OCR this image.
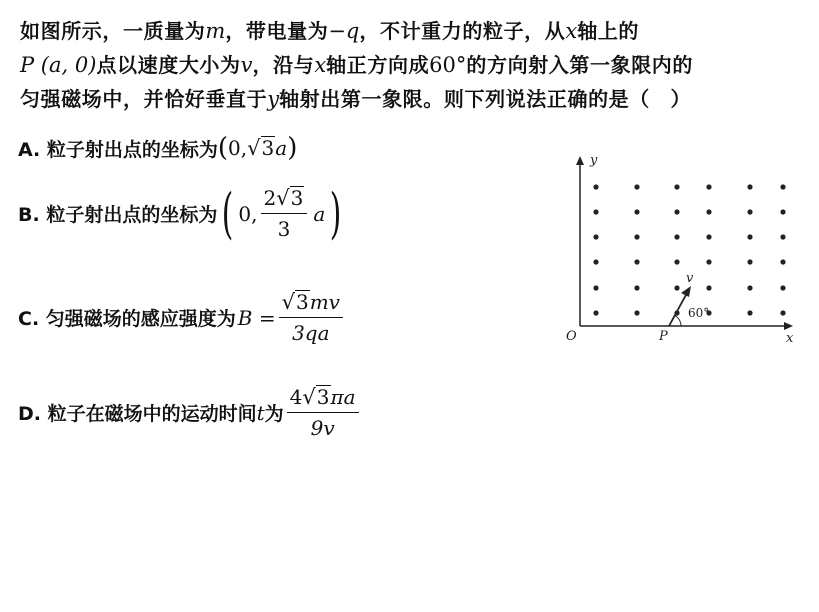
如图所示，一质量为m，带电量为−q，不计重力的粒子，从x轴上的
P (a, 0)点以速度大小为v，沿与x轴正方向成60°的方向射入第一象限内的
匀强磁场中，并恰好垂直于y轴射出第一象限。则下列说法正确的是（　）
A. 粒子射出点的坐标为 ( 0, √ 3 a )
B. 粒子射出点的坐标为 ( 0, $\frac{2 √ 3}{3}$ a )
C. 匀强磁场的感应强度为 $B = \frac{√ 3 mv}{3qa}$
D. 粒子在磁场中的运动时间 t 为 $\frac{4 √ 3 \pi a}{9v}$
y
x
O	P
v
60°
